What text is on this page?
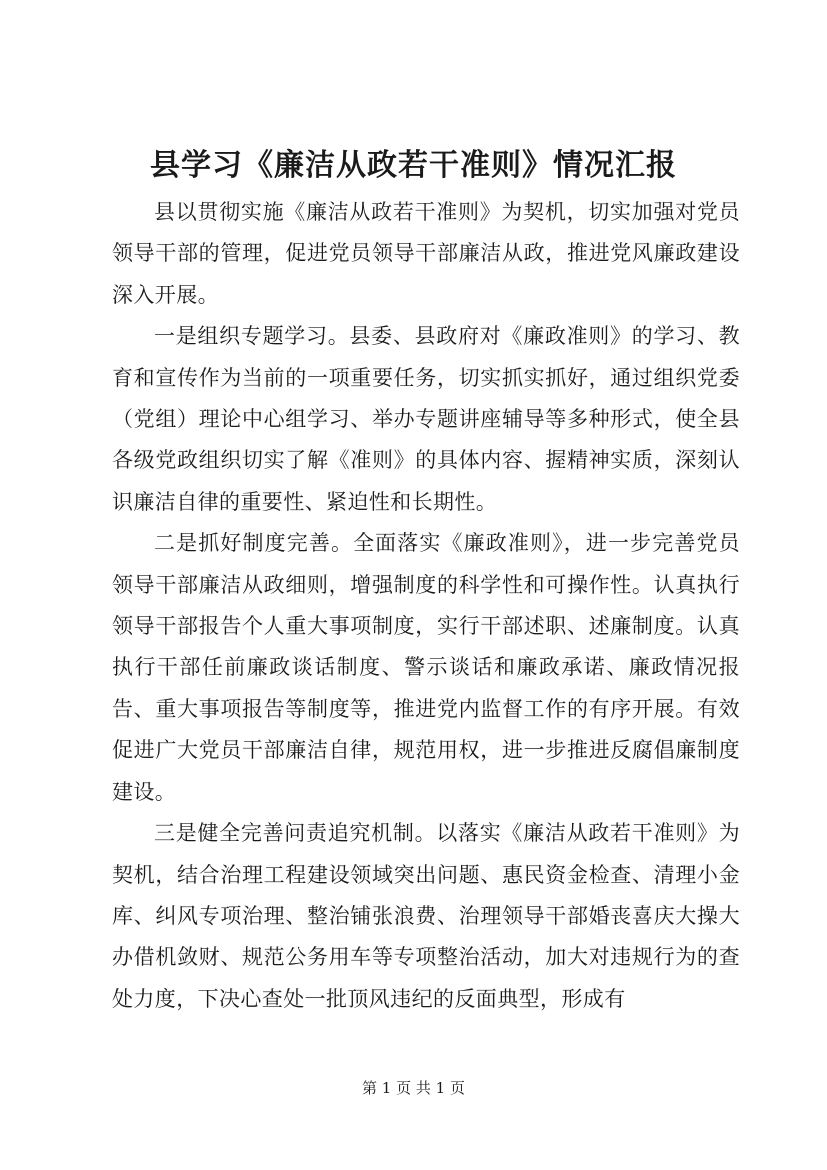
县学习《廉洁从政若干准则》情况汇报

县以贯彻实施《廉洁从政若干准则》为契机，切实加强对党员领导干部的管理，促进党员领导干部廉洁从政，推进党风廉政建设深入开展。

一是组织专题学习。县委、县政府对《廉政准则》的学习、教育和宣传作为当前的一项重要任务，切实抓实抓好，通过组织党委（党组）理论中心组学习、举办专题讲座辅导等多种形式，使全县各级党政组织切实了解《准则》的具体内容、握精神实质，深刻认识廉洁自律的重要性、紧迫性和长期性。

二是抓好制度完善。全面落实《廉政准则》，进一步完善党员领导干部廉洁从政细则，增强制度的科学性和可操作性。认真执行领导干部报告个人重大事项制度，实行干部述职、述廉制度。认真执行干部任前廉政谈话制度、警示谈话和廉政承诺、廉政情况报告、重大事项报告等制度等，推进党内监督工作的有序开展。有效促进广大党员干部廉洁自律，规范用权，进一步推进反腐倡廉制度建设。

三是健全完善问责追究机制。以落实《廉洁从政若干准则》为契机，结合治理工程建设领域突出问题、惠民资金检查、清理小金库、纠风专项治理、整治铺张浪费、治理领导干部婚丧喜庆大操大办借机敛财、规范公务用车等专项整治活动，加大对违规行为的查处力度，下决心查处一批顶风违纪的反面典型，形成有

第 1 页 共 1 页
